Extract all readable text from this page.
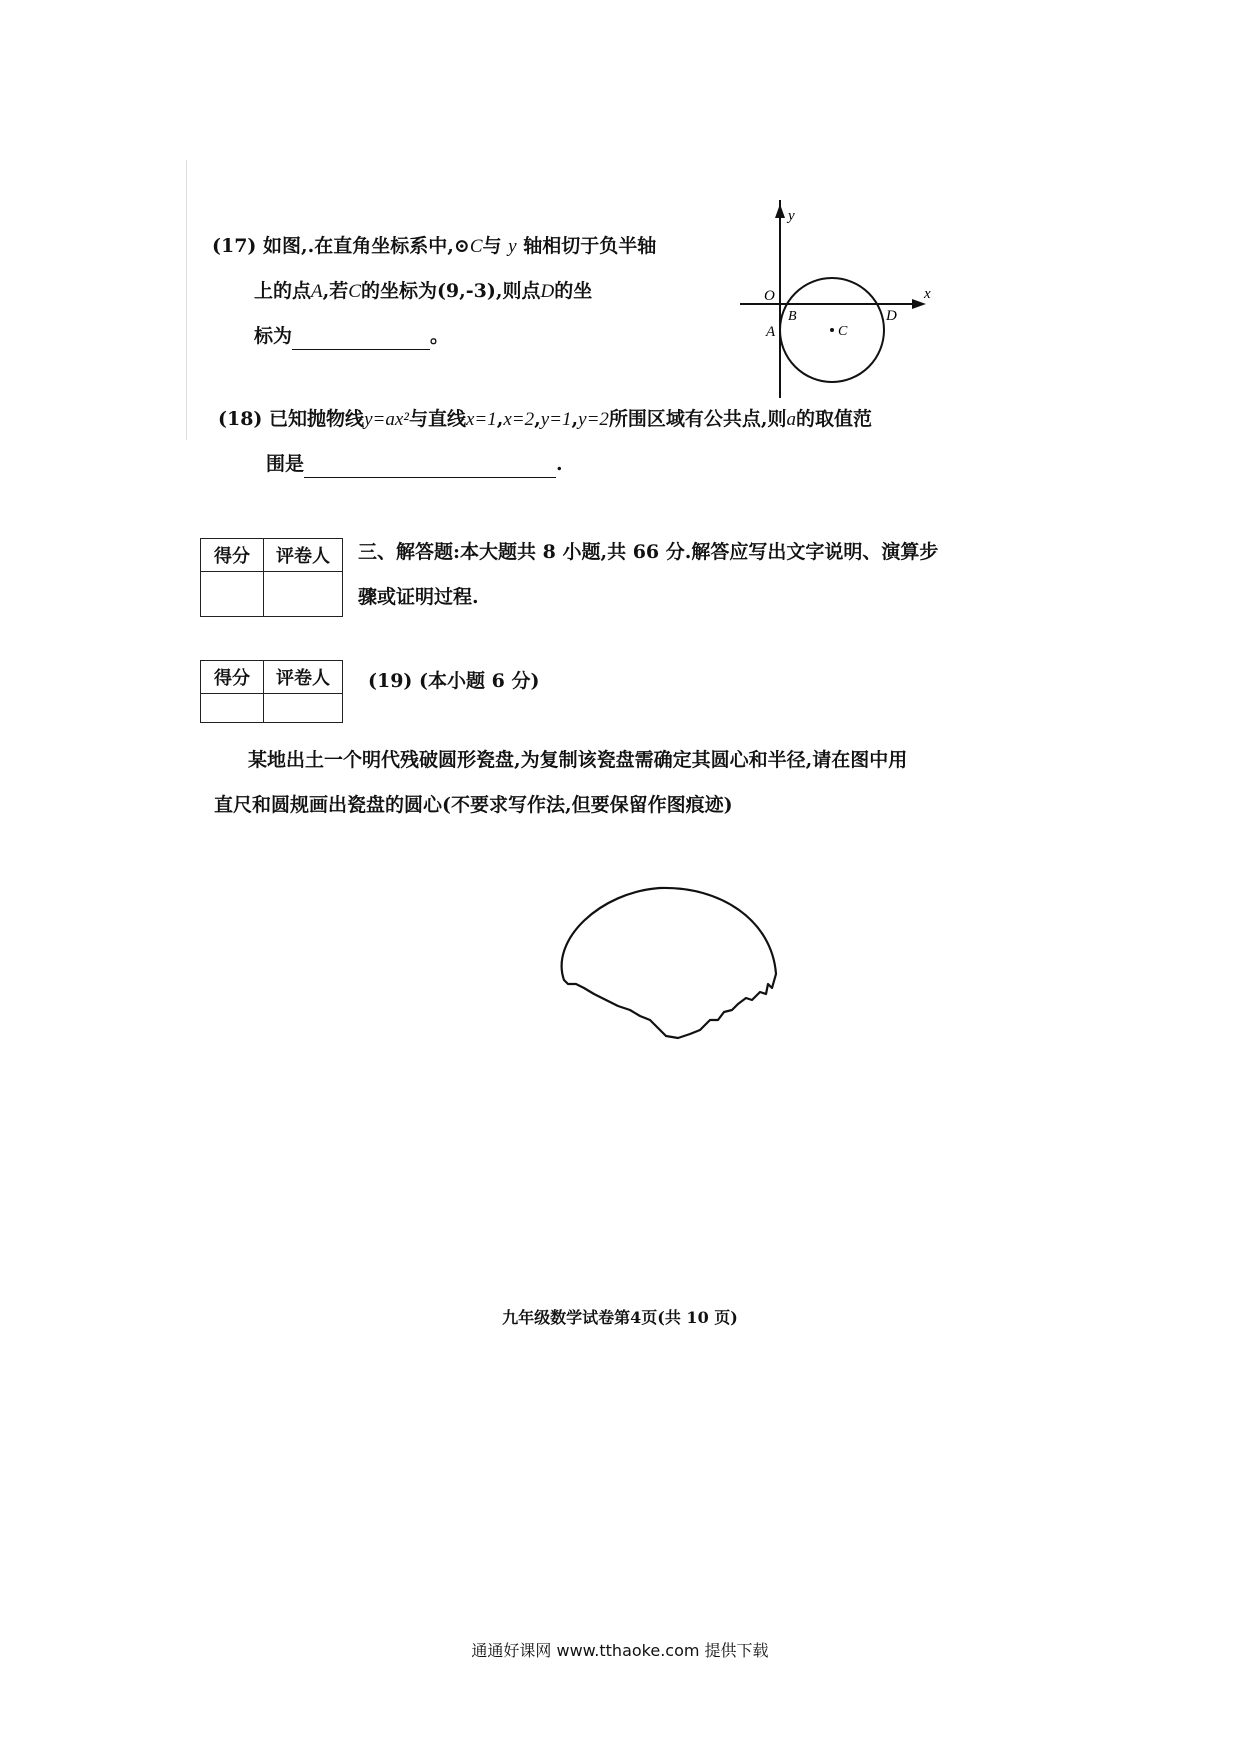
(17) 如图,.在直角坐标系中,⊙C与 y 轴相切于负半轴
上的点A,若C的坐标为(9,-3),则点D的坐
标为	。
y
x
O
B	D
A	C
(18) 已知抛物线y=ax²与直线x=1,x=2,y=1,y=2所围区域有公共点,则a的取值范
围是	.
得分	评卷人
	三、解答题:本大题共 8 小题,共 66 分.解答应写出文字说明、演算步
骤或证明过程.
得分	评卷人
	(19) (本小题 6 分)
某地出土一个明代残破圆形瓷盘,为复制该瓷盘需确定其圆心和半径,请在图中用
直尺和圆规画出瓷盘的圆心(不要求写作法,但要保留作图痕迹)
九年级数学试卷第4页(共 10 页)
通通好课网 www.tthaoke.com 提供下载
